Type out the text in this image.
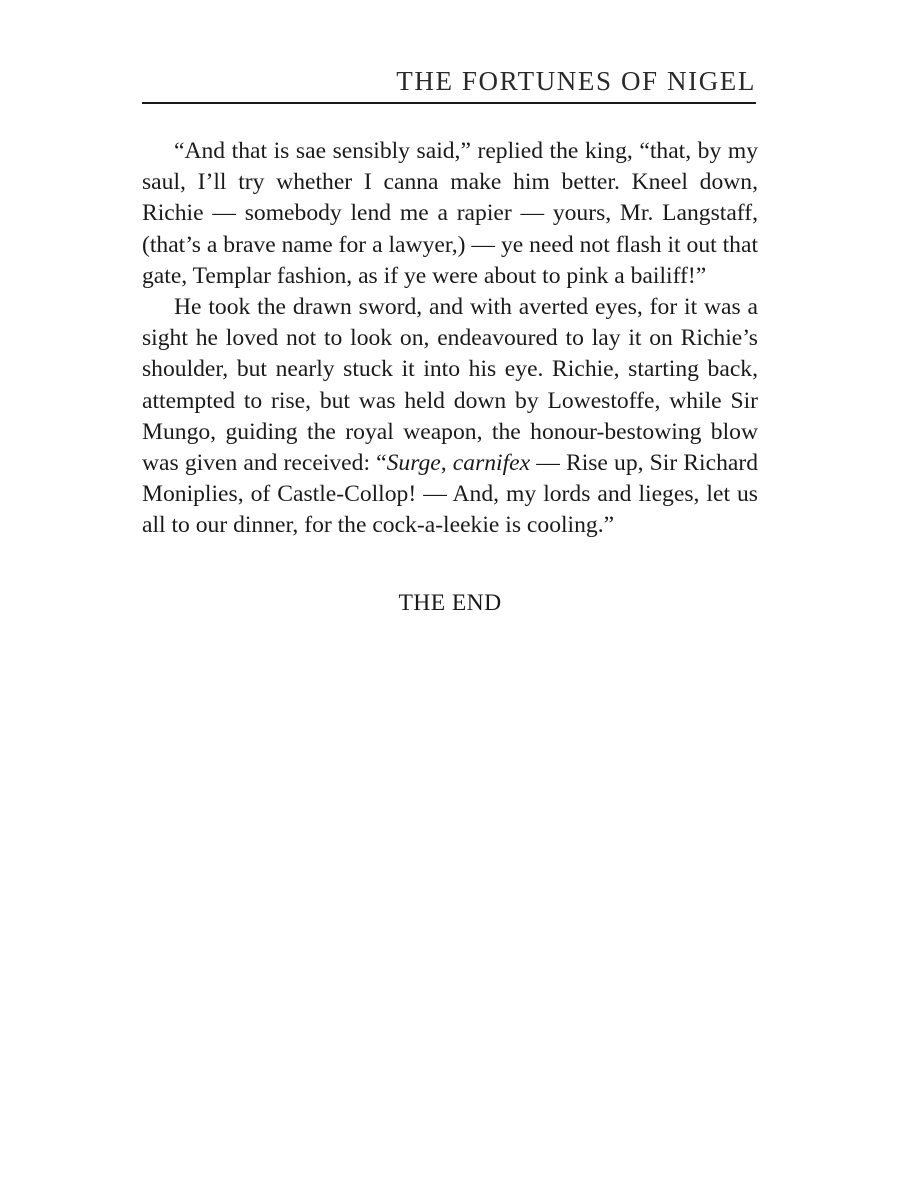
THE FORTUNES OF NIGEL

“And that is sae sensibly said,” replied the king, “that, by my saul, I’ll try whether I canna make him better. Kneel down, Richie — somebody lend me a rapier — yours, Mr. Langstaff, (that’s a brave name for a lawyer,) — ye need not flash it out that gate, Templar fashion, as if ye were about to pink a bailiff!”

He took the drawn sword, and with averted eyes, for it was a sight he loved not to look on, endeavoured to lay it on Richie’s shoulder, but nearly stuck it into his eye. Richie, starting back, attempted to rise, but was held down by Lowestoffe, while Sir Mungo, guiding the royal weapon, the honour-bestowing blow was given and received: “Surge, carnifex — Rise up, Sir Richard Moniplies, of Castle-Collop! — And, my lords and lieges, let us all to our dinner, for the cock-a-leekie is cooling.”

THE END
